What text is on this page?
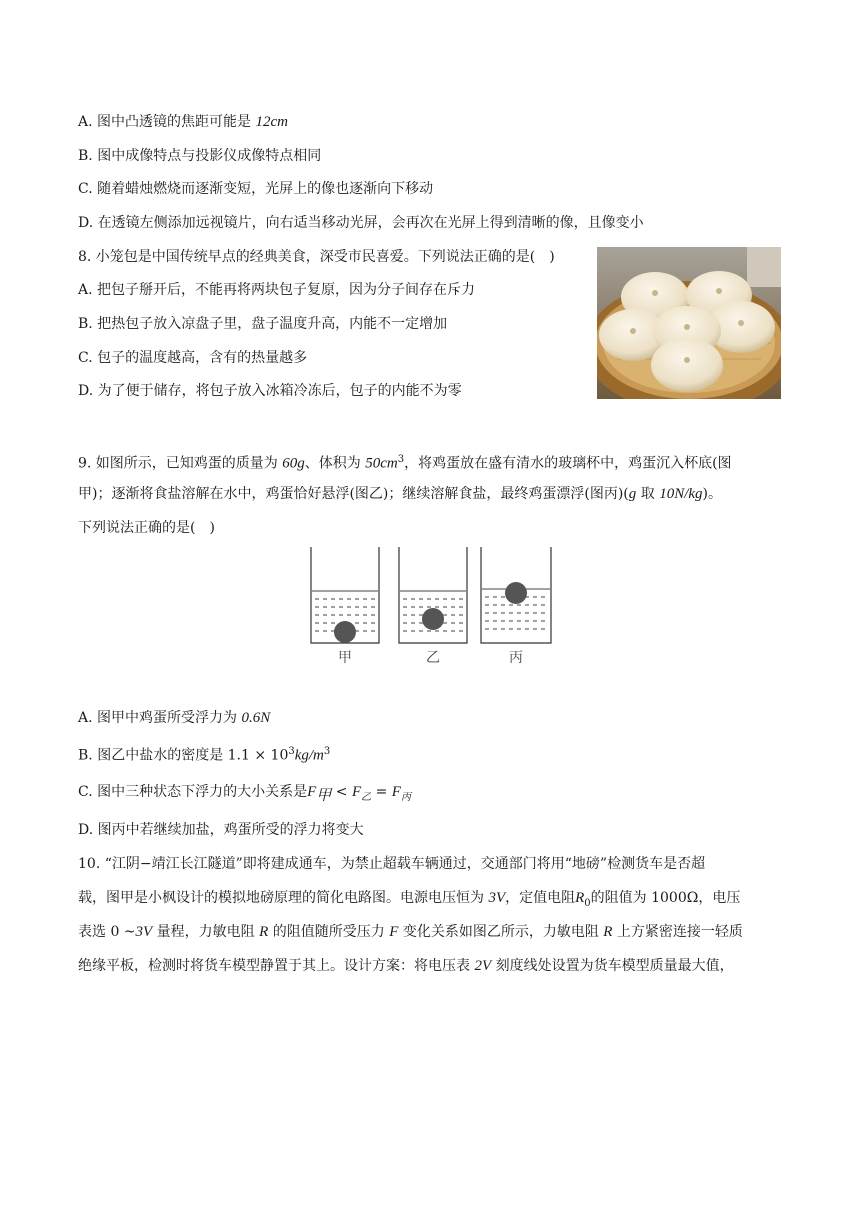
A. 图中凸透镜的焦距可能是 12cm
B. 图中成像特点与投影仪成像特点相同
C. 随着蜡烛燃烧而逐渐变短，光屏上的像也逐渐向下移动
D. 在透镜左侧添加远视镜片，向右适当移动光屏，会再次在光屏上得到清晰的像，且像变小
8. 小笼包是中国传统早点的经典美食，深受市民喜爱。下列说法正确的是(　)
A. 把包子掰开后，不能再将两块包子复原，因为分子间存在斥力
B. 把热包子放入凉盘子里，盘子温度升高，内能不一定增加
C. 包子的温度越高，含有的热量越多
D. 为了便于储存，将包子放入冰箱冷冻后，包子的内能不为零
9. 如图所示，已知鸡蛋的质量为 60g、体积为 $50cm^3$，将鸡蛋放在盛有清水的玻璃杯中，鸡蛋沉入杯底(图
甲)；逐渐将食盐溶解在水中，鸡蛋恰好悬浮(图乙)；继续溶解食盐，最终鸡蛋漂浮(图丙)(g 取 10N/kg)。
下列说法正确的是(　)
甲	乙	丙
A. 图甲中鸡蛋所受浮力为 0.6N
B. 图乙中盐水的密度是 $1.1 \times 10^3kg/m^3$
C. 图中三种状态下浮力的大小关系是$F_甲 < F_乙 = F_丙$
D. 图丙中若继续加盐，鸡蛋所受的浮力将变大
10. “江阴−靖江长江隧道”即将建成通车，为禁止超载车辆通过，交通部门将用“地磅”检测货车是否超
载，图甲是小枫设计的模拟地磅原理的简化电路图。电源电压恒为 3V，定值电阻$R_0$的阻值为 1000Ω，电压
表选 0 ~3V 量程，力敏电阻 R 的阻值随所受压力 F 变化关系如图乙所示，力敏电阻 R 上方紧密连接一轻质
绝缘平板，检测时将货车模型静置于其上。设计方案：将电压表 2V 刻度线处设置为货车模型质量最大值，
